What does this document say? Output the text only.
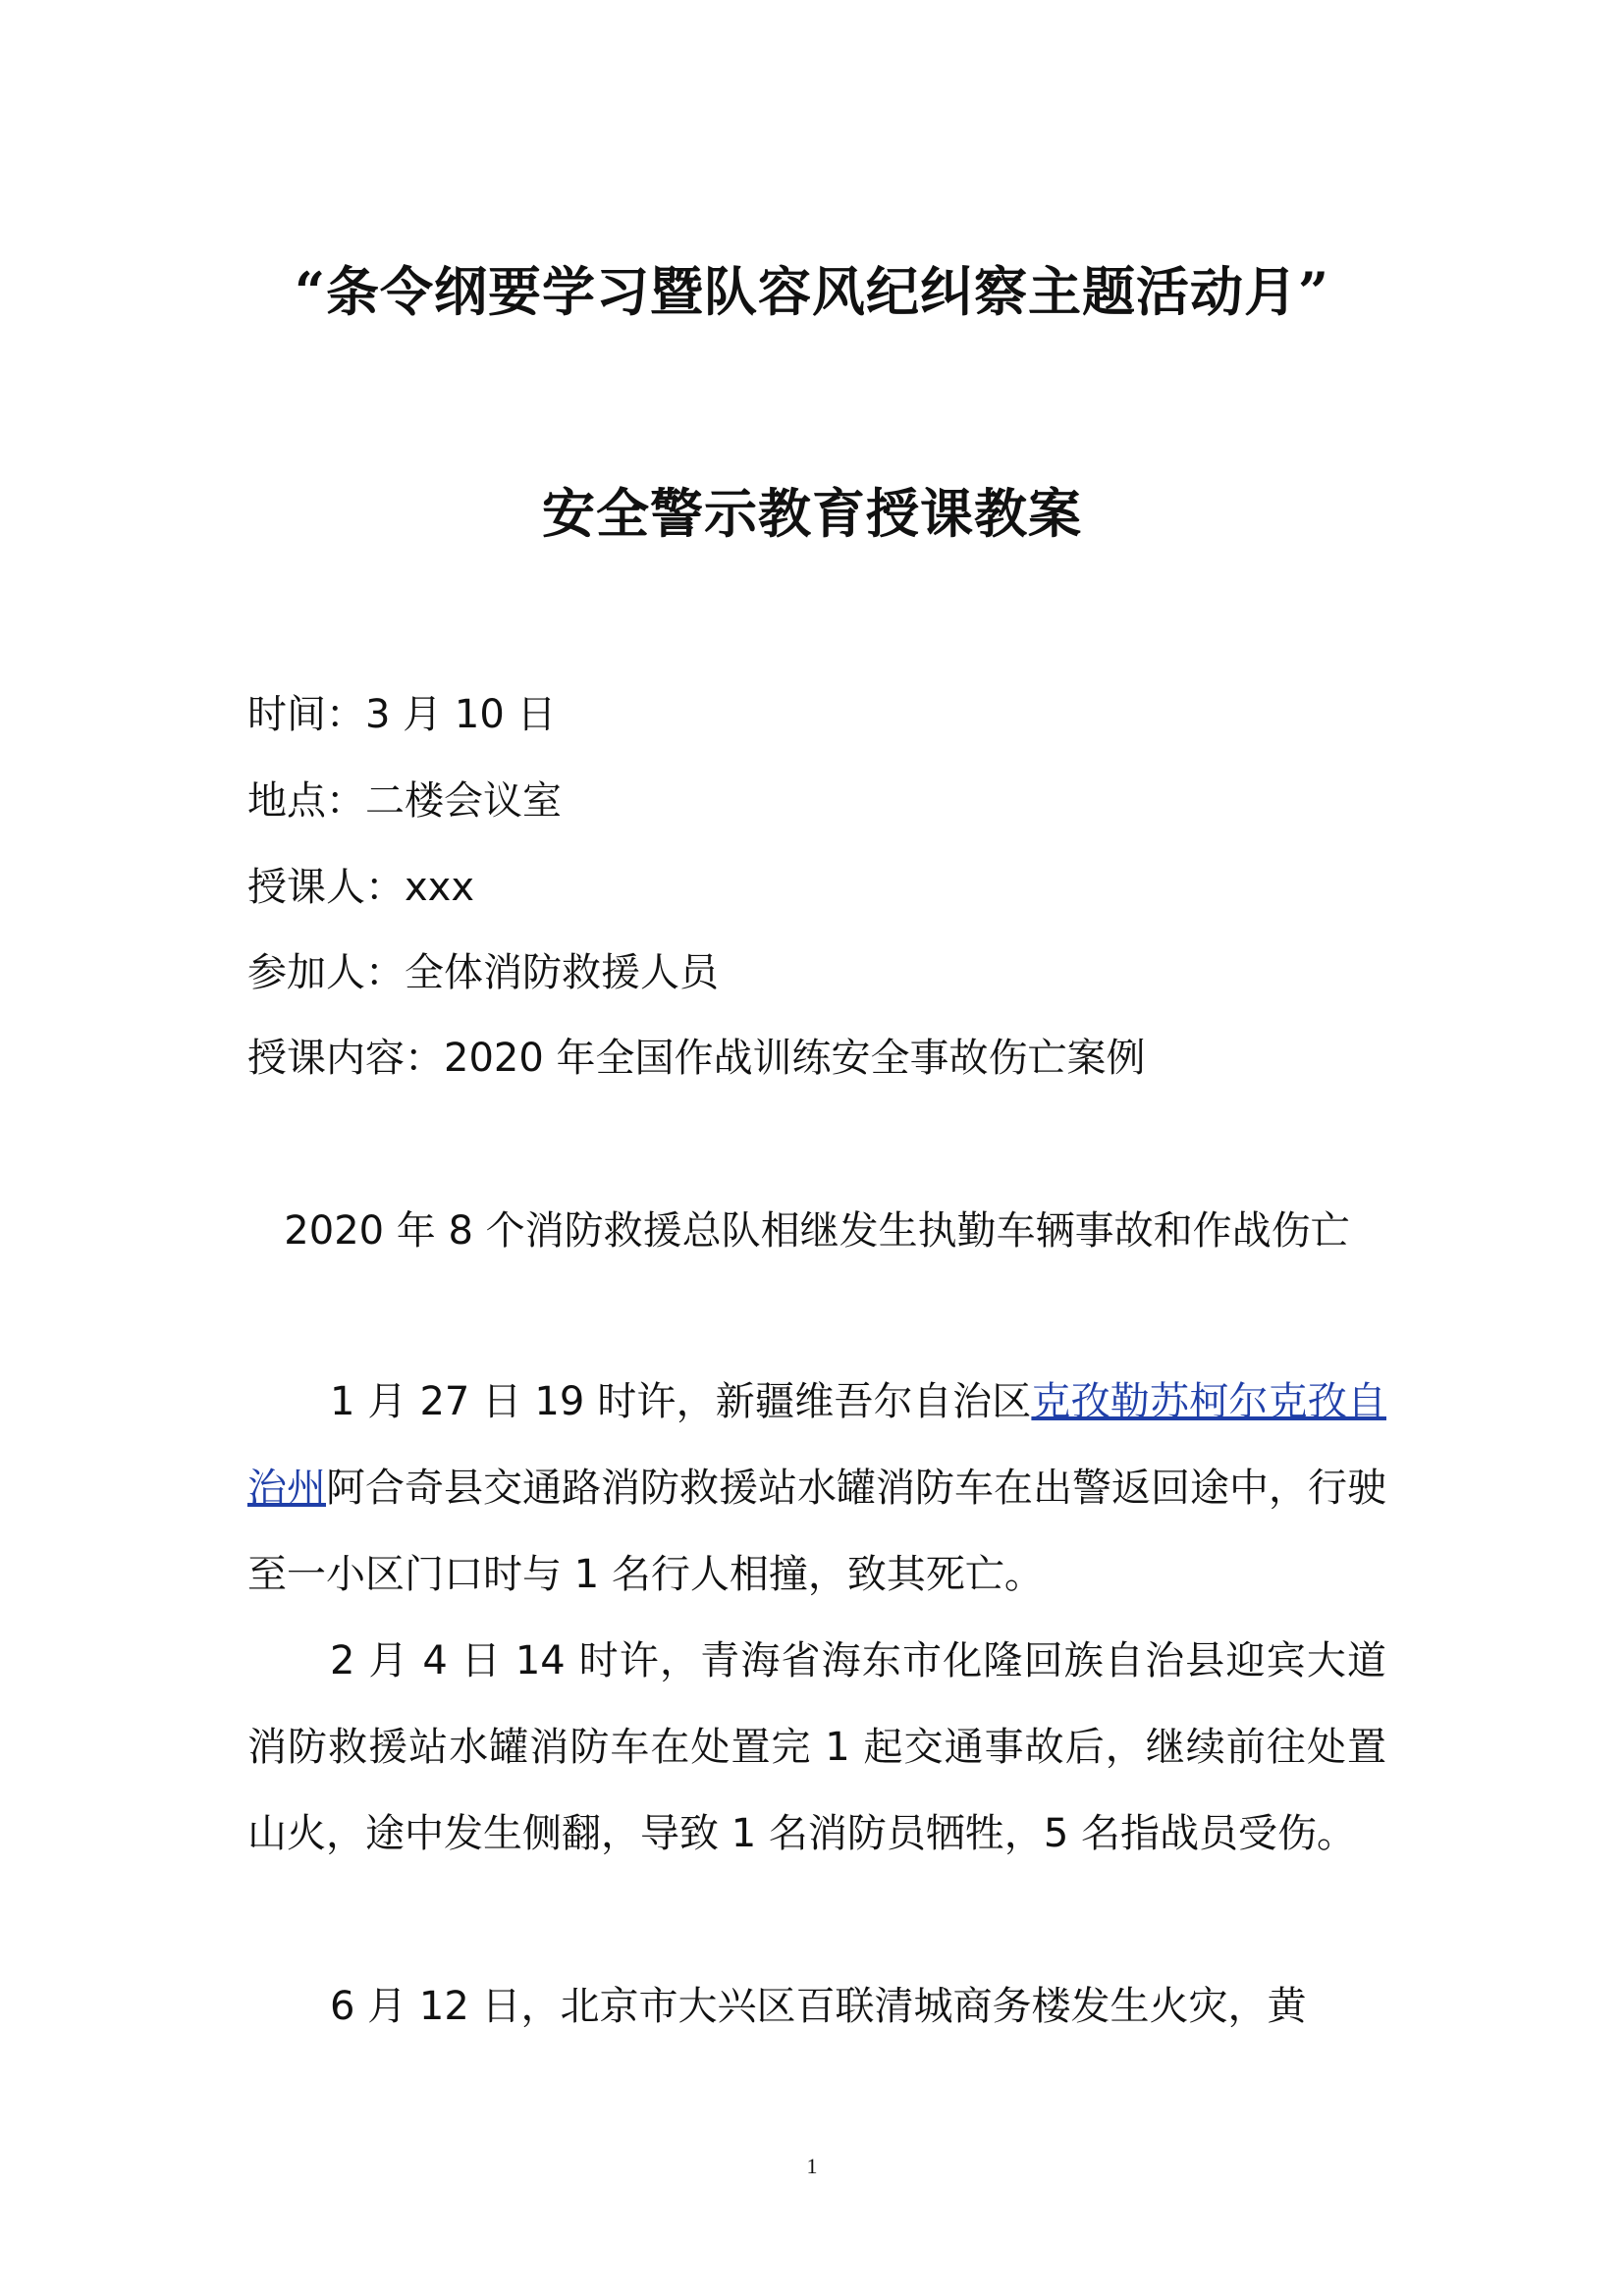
“条令纲要学习暨队容风纪纠察主题活动月”
安全警示教育授课教案
时间：3 月 10 日
地点：二楼会议室
授课人：xxx
参加人：全体消防救援人员
授课内容：2020 年全国作战训练安全事故伤亡案例
2020 年 8 个消防救援总队相继发生执勤车辆事故和作战伤亡

1 月 27 日 19 时许，新疆维吾尔自治区克孜勒苏柯尔克孜自治州阿合奇县交通路消防救援站水罐消防车在出警返回途中，行驶至一小区门口时与 1 名行人相撞，致其死亡。

2 月 4 日 14 时许，青海省海东市化隆回族自治县迎宾大道消防救援站水罐消防车在处置完 1 起交通事故后，继续前往处置山火，途中发生侧翻，导致 1 名消防员牺牲，5 名指战员受伤。

6 月 12 日，北京市大兴区百联清城商务楼发生火灾，黄

1
